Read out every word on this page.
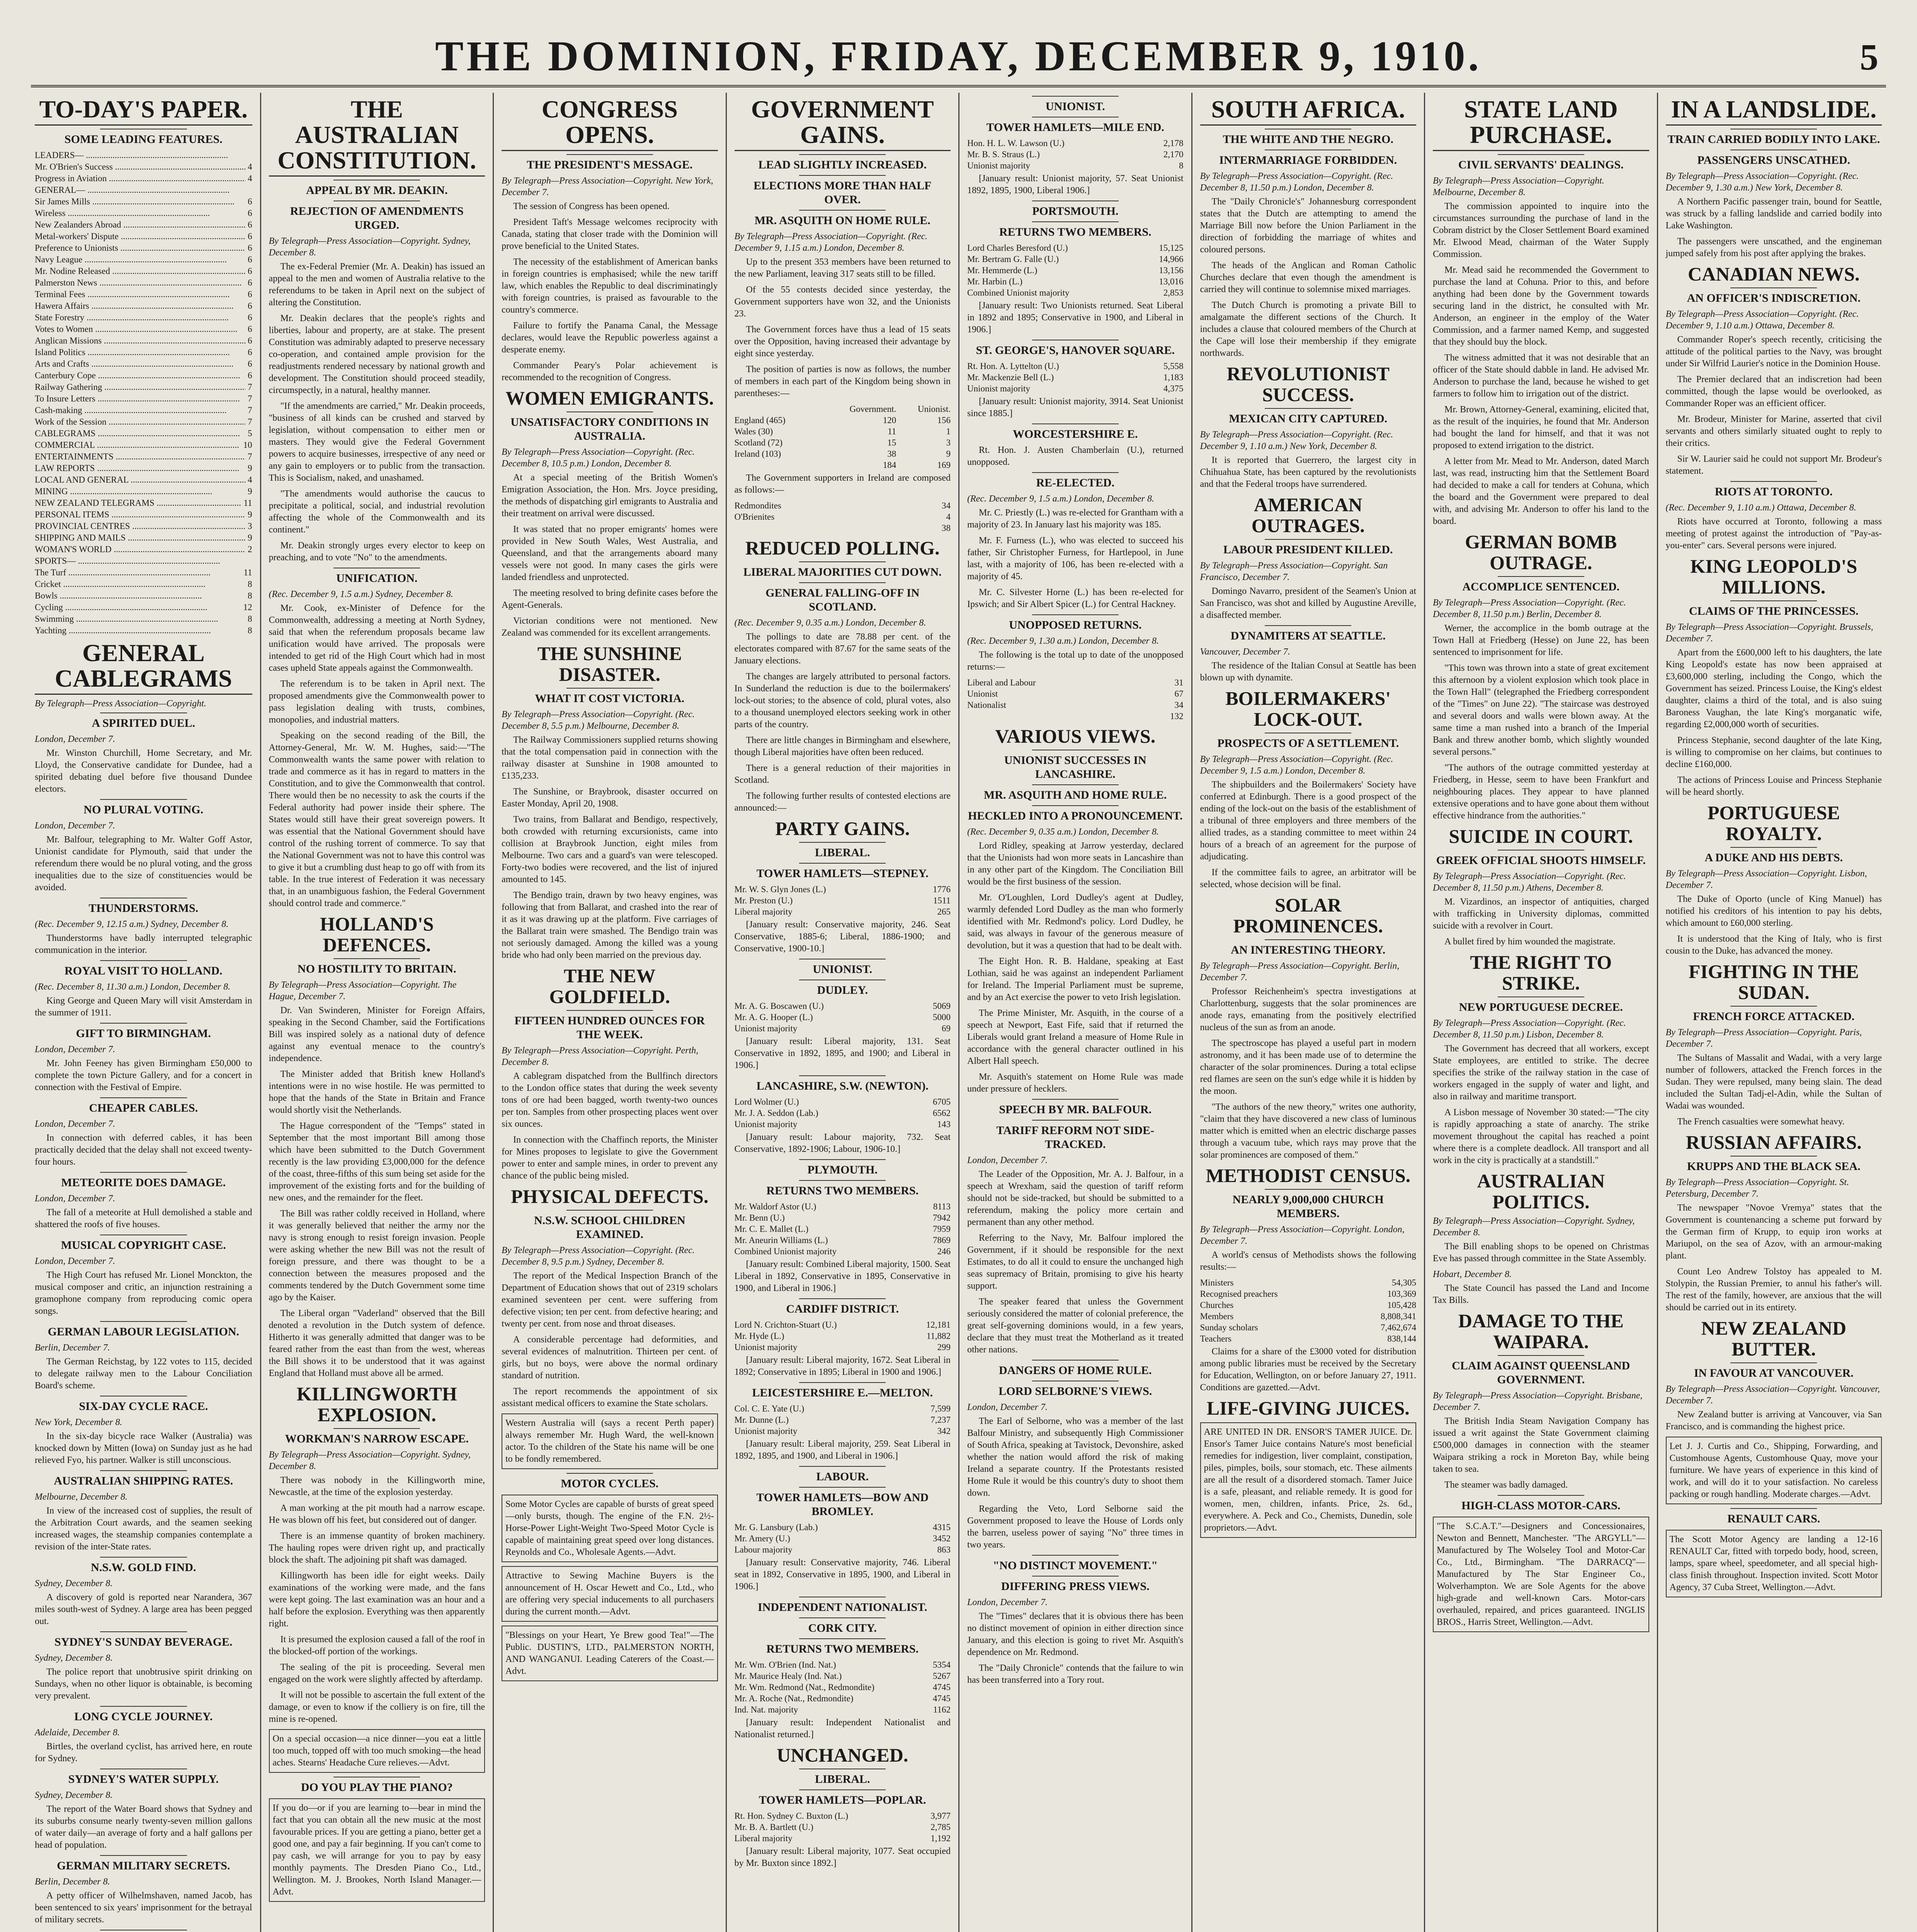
THE DOMINION, FRIDAY, DECEMBER 9, 1910.	5
TO-DAY'S PAPER.
SOME LEADING FEATURES.
LEADERS— .....
Mr. O'Brien's Success .....	4
Progress in Aviation .....	4
GENERAL— .....
Sir James Mills .....	6
Wireless .....	6
New Zealanders Abroad .....	6
Metal-workers' Dispute .....	6
Preference to Unionists .....	6
Navy League .....	6
Mr. Nodine Released .....	6
Palmerston News .....	6
Terminal Fees .....	6
Hawera Affairs .....	6
State Forestry .....	6
Votes to Women .....	6
Anglican Missions .....	6
Island Politics .....	6
Arts and Crafts .....	6
Canterbury Cope .....	6
Railway Gathering .....	7
To Insure Letters .....	7
Cash-making .....	7
Work of the Session .....	7
CABLEGRAMS .....	5
COMMERCIAL .....	10
ENTERTAINMENTS .....	7
LAW REPORTS .....	9
LOCAL AND GENERAL .....	4
MINING .....	9
NEW ZEALAND TELEGRAMS .....	11
PERSONAL ITEMS .....	9
PROVINCIAL CENTRES .....	3
SHIPPING AND MAILS .....	9
WOMAN'S WORLD .....	2
SPORTS— .....
The Turf .....	11
Cricket .....	8
Bowls .....	8
Cycling .....	12
Swimming .....	8
Yachting .....	8
GENERAL CABLEGRAMS
By Telegraph—Press Association—Copyright.
A SPIRITED DUEL.
London, December 7.
Mr. Winston Churchill, Home Secretary, and Mr. Lloyd, the Conservative candidate for Dundee, had a spirited debating duel before five thousand Dundee electors.
NO PLURAL VOTING.
London, December 7.
Mr. Balfour, telegraphing to Mr. Walter Goff Astor, Unionist candidate for Plymouth, said that under the referendum there would be no plural voting, and the gross inequalities due to the size of constituencies would be avoided.
THUNDERSTORMS.
(Rec. December 9, 12.15 a.m.) Sydney, December 8.
Thunderstorms have badly interrupted telegraphic communication in the interior.
ROYAL VISIT TO HOLLAND.
(Rec. December 8, 11.30 a.m.) London, December 8.
King George and Queen Mary will visit Amsterdam in the summer of 1911.
GIFT TO BIRMINGHAM.
London, December 7.
Mr. John Feeney has given Birmingham £50,000 to complete the town Picture Gallery, and for a concert in connection with the Festival of Empire.
CHEAPER CABLES.
London, December 7.
In connection with deferred cables, it has been practically decided that the delay shall not exceed twenty-four hours.
METEORITE DOES DAMAGE.
London, December 7.
The fall of a meteorite at Hull demolished a stable and shattered the roofs of five houses.
MUSICAL COPYRIGHT CASE.
London, December 7.
The High Court has refused Mr. Lionel Monckton, the musical composer and critic, an injunction restraining a gramophone company from reproducing comic opera songs.
GERMAN LABOUR LEGISLATION.
Berlin, December 7.
The German Reichstag, by 122 votes to 115, decided to delegate railway men to the Labour Conciliation Board's scheme.
SIX-DAY CYCLE RACE.
New York, December 8.
In the six-day bicycle race Walker (Australia) was knocked down by Mitten (Iowa) on Sunday just as he had relieved Fyo, his partner. Walker is still unconscious.
AUSTRALIAN SHIPPING RATES.
Melbourne, December 8.
In view of the increased cost of supplies, the result of the Arbitration Court awards, and the seamen seeking increased wages, the steamship companies contemplate a revision of the inter-State rates.
N.S.W. GOLD FIND.
Sydney, December 8.
A discovery of gold is reported near Narandera, 367 miles south-west of Sydney. A large area has been pegged out.
SYDNEY'S SUNDAY BEVERAGE.
Sydney, December 8.
The police report that unobtrusive spirit drinking on Sundays, when no other liquor is obtainable, is becoming very prevalent.
LONG CYCLE JOURNEY.
Adelaide, December 8.
Birtles, the overland cyclist, has arrived here, en route for Sydney.
SYDNEY'S WATER SUPPLY.
Sydney, December 8.
The report of the Water Board shows that Sydney and its suburbs consume nearly twenty-seven million gallons of water daily—an average of forty and a half gallons per head of population.
GERMAN MILITARY SECRETS.
Berlin, December 8.
A petty officer of Wilhelmshaven, named Jacob, has been sentenced to six years' imprisonment for the betrayal of military secrets.
THE AUSTRALIAN CONSTITUTION.
APPEAL BY MR. DEAKIN.
REJECTION OF AMENDMENTS URGED.
By Telegraph—Press Association—Copyright. Sydney, December 8.
The ex-Federal Premier (Mr. A. Deakin) has issued an appeal to the men and women of Australia relative to the referendums to be taken in April next on the subject of altering the Constitution.
Mr. Deakin declares that the people's rights and liberties, labour and property, are at stake. The present Constitution was admirably adapted to preserve necessary co-operation, and contained ample provision for the readjustments rendered necessary by national growth and development. The Constitution should proceed steadily, circumspectly, in a natural, healthy manner.
"If the amendments are carried," Mr. Deakin proceeds, "business of all kinds can be crushed and starved by legislation, without compensation to either men or masters. They would give the Federal Government powers to acquire businesses, irrespective of any need or any gain to employers or to public from the transaction. This is Socialism, naked, and unashamed.
"The amendments would authorise the caucus to precipitate a political, social, and industrial revolution affecting the whole of the Commonwealth and its continent."
Mr. Deakin strongly urges every elector to keep on preaching, and to vote "No" to the amendments.
UNIFICATION.
(Rec. December 9, 1.5 a.m.) Sydney, December 8.
Mr. Cook, ex-Minister of Defence for the Commonwealth, addressing a meeting at North Sydney, said that when the referendum proposals became law unification would have arrived. The proposals were intended to get rid of the High Court which had in most cases upheld State appeals against the Commonwealth.
The referendum is to be taken in April next. The proposed amendments give the Commonwealth power to pass legislation dealing with trusts, combines, monopolies, and industrial matters.
Speaking on the second reading of the Bill, the Attorney-General, Mr. W. M. Hughes, said:—"The Commonwealth wants the same power with relation to trade and commerce as it has in regard to matters in the Constitution, and to give the Commonwealth that control. There would then be no necessity to ask the courts if the Federal authority had power inside their sphere. The States would still have their great sovereign powers. It was essential that the National Government should have control of the rushing torrent of commerce. To say that the National Government was not to have this control was to give it but a crumbling dust heap to go off with from its table. In the true interest of Federation it was necessary that, in an unambiguous fashion, the Federal Government should control trade and commerce."
HOLLAND'S DEFENCES.
NO HOSTILITY TO BRITAIN.
By Telegraph—Press Association—Copyright. The Hague, December 7.
Dr. Van Swinderen, Minister for Foreign Affairs, speaking in the Second Chamber, said the Fortifications Bill was inspired solely as a national duty of defence against any eventual menace to the country's independence.
The Minister added that British knew Holland's intentions were in no wise hostile. He was permitted to hope that the hands of the State in Britain and France would shortly visit the Netherlands.
The Hague correspondent of the "Temps" stated in September that the most important Bill among those which have been submitted to the Dutch Government recently is the law providing £3,000,000 for the defence of the coast, three-fifths of this sum being set aside for the improvement of the existing forts and for the building of new ones, and the remainder for the fleet.
The Bill was rather coldly received in Holland, where it was generally believed that neither the army nor the navy is strong enough to resist foreign invasion. People were asking whether the new Bill was not the result of foreign pressure, and there was thought to be a connection between the measures proposed and the comments tendered by the Dutch Government some time ago by the Kaiser.
The Liberal organ "Vaderland" observed that the Bill denoted a revolution in the Dutch system of defence. Hitherto it was generally admitted that danger was to be feared rather from the east than from the west, whereas the Bill shows it to be understood that it was against England that Holland must above all be armed.
KILLINGWORTH EXPLOSION.
WORKMAN'S NARROW ESCAPE.
By Telegraph—Press Association—Copyright. Sydney, December 8.
There was nobody in the Killingworth mine, Newcastle, at the time of the explosion yesterday.
A man working at the pit mouth had a narrow escape. He was blown off his feet, but considered out of danger.
There is an immense quantity of broken machinery. The hauling ropes were driven right up, and practically block the shaft. The adjoining pit shaft was damaged.
Killingworth has been idle for eight weeks. Daily examinations of the working were made, and the fans were kept going. The last examination was an hour and a half before the explosion. Everything was then apparently right.
It is presumed the explosion caused a fall of the roof in the blocked-off portion of the workings.
The sealing of the pit is proceeding. Several men engaged on the work were slightly affected by afterdamp.
It will not be possible to ascertain the full extent of the damage, or even to know if the colliery is on fire, till the mine is re-opened.
On a special occasion—a nice dinner—you eat a little too much, topped off with too much smoking—the head aches. Stearns' Headache Cure relieves.—Advt.
DO YOU PLAY THE PIANO?
If you do—or if you are learning to—bear in mind the fact that you can obtain all the new music at the most favourable prices. If you are getting a piano, better get a good one, and pay a fair beginning. If you can't come to pay cash, we will arrange for you to pay by easy monthly payments. The Dresden Piano Co., Ltd., Wellington. M. J. Brookes, North Island Manager.—Advt.
CONGRESS OPENS.
THE PRESIDENT'S MESSAGE.
By Telegraph—Press Association—Copyright. New York, December 7.
The session of Congress has been opened.
President Taft's Message welcomes reciprocity with Canada, stating that closer trade with the Dominion will prove beneficial to the United States.
The necessity of the establishment of American banks in foreign countries is emphasised; while the new tariff law, which enables the Republic to deal discriminatingly with foreign countries, is praised as favourable to the country's commerce.
Failure to fortify the Panama Canal, the Message declares, would leave the Republic powerless against a desperate enemy.
Commander Peary's Polar achievement is recommended to the recognition of Congress.
WOMEN EMIGRANTS.
UNSATISFACTORY CONDITIONS IN AUSTRALIA.
By Telegraph—Press Association—Copyright. (Rec. December 8, 10.5 p.m.) London, December 8.
At a special meeting of the British Women's Emigration Association, the Hon. Mrs. Joyce presiding, the methods of dispatching girl emigrants to Australia and their treatment on arrival were discussed.
It was stated that no proper emigrants' homes were provided in New South Wales, West Australia, and Queensland, and that the arrangements aboard many vessels were not good. In many cases the girls were landed friendless and unprotected.
The meeting resolved to bring definite cases before the Agent-Generals.
Victorian conditions were not mentioned. New Zealand was commended for its excellent arrangements.
THE SUNSHINE DISASTER.
WHAT IT COST VICTORIA.
By Telegraph—Press Association—Copyright. (Rec. December 8, 5.5 p.m.) Melbourne, December 8.
The Railway Commissioners supplied returns showing that the total compensation paid in connection with the railway disaster at Sunshine in 1908 amounted to £135,233.
The Sunshine, or Braybrook, disaster occurred on Easter Monday, April 20, 1908.
Two trains, from Ballarat and Bendigo, respectively, both crowded with returning excursionists, came into collision at Braybrook Junction, eight miles from Melbourne. Two cars and a guard's van were telescoped. Forty-two bodies were recovered, and the list of injured amounted to 145.
The Bendigo train, drawn by two heavy engines, was following that from Ballarat, and crashed into the rear of it as it was drawing up at the platform. Five carriages of the Ballarat train were smashed. The Bendigo train was not seriously damaged. Among the killed was a young bride who had only been married on the previous day.
THE NEW GOLDFIELD.
FIFTEEN HUNDRED OUNCES FOR THE WEEK.
By Telegraph—Press Association—Copyright. Perth, December 8.
A cablegram dispatched from the Bullfinch directors to the London office states that during the week seventy tons of ore had been bagged, worth twenty-two ounces per ton. Samples from other prospecting places went over six ounces.
In connection with the Chaffinch reports, the Minister for Mines proposes to legislate to give the Government power to enter and sample mines, in order to prevent any chance of the public being misled.
PHYSICAL DEFECTS.
N.S.W. SCHOOL CHILDREN EXAMINED.
By Telegraph—Press Association—Copyright. (Rec. December 8, 9.5 p.m.) Sydney, December 8.
The report of the Medical Inspection Branch of the Department of Education shows that out of 2319 scholars examined seventeen per cent. were suffering from defective vision; ten per cent. from defective hearing; and twenty per cent. from nose and throat diseases.
A considerable percentage had deformities, and several evidences of malnutrition. Thirteen per cent. of girls, but no boys, were above the normal ordinary standard of nutrition.
The report recommends the appointment of six assistant medical officers to examine the State scholars.
Western Australia will (says a recent Perth paper) always remember Mr. Hugh Ward, the well-known actor. To the children of the State his name will be one to be fondly remembered.
MOTOR CYCLES.
Some Motor Cycles are capable of bursts of great speed—only bursts, though. The engine of the F.N. 2½-Horse-Power Light-Weight Two-Speed Motor Cycle is capable of maintaining great speed over long distances. Reynolds and Co., Wholesale Agents.—Advt.
Attractive to Sewing Machine Buyers is the announcement of H. Oscar Hewett and Co., Ltd., who are offering very special inducements to all purchasers during the current month.—Advt.
"Blessings on your Heart, Ye Brew good Tea!"—The Public. DUSTIN'S, LTD., PALMERSTON NORTH, AND WANGANUI. Leading Caterers of the Coast.—Advt.
GOVERNMENT GAINS.
LEAD SLIGHTLY INCREASED.
ELECTIONS MORE THAN HALF OVER.
MR. ASQUITH ON HOME RULE.
By Telegraph—Press Association—Copyright. (Rec. December 9, 1.15 a.m.) London, December 8.
Up to the present 353 members have been returned to the new Parliament, leaving 317 seats still to be filled.
Of the 55 contests decided since yesterday, the Government supporters have won 32, and the Unionists 23.
The Government forces have thus a lead of 15 seats over the Opposition, having increased their advantage by eight since yesterday.
The position of parties is now as follows, the number of members in each part of the Kingdom being shown in parentheses:—
	Government.	Unionist.
England (465)	120	156
Wales (30)	11	1
Scotland (72)	15	3
Ireland (103)	38	9
	184	169
The Government supporters in Ireland are composed as follows:—
Redmondites	34
O'Brienites	4
	38
REDUCED POLLING.
LIBERAL MAJORITIES CUT DOWN.
GENERAL FALLING-OFF IN SCOTLAND.
(Rec. December 9, 0.35 a.m.) London, December 8.
The pollings to date are 78.88 per cent. of the electorates compared with 87.67 for the same seats of the January elections.
The changes are largely attributed to personal factors. In Sunderland the reduction is due to the boilermakers' lock-out stories; to the absence of cold, plural votes, also to a thousand unemployed electors seeking work in other parts of the country.
There are little changes in Birmingham and elsewhere, though Liberal majorities have often been reduced.
There is a general reduction of their majorities in Scotland.
The following further results of contested elections are announced:—
PARTY GAINS.
LIBERAL.
TOWER HAMLETS—STEPNEY.
Mr. W. S. Glyn Jones (L.)	1776
Mr. Preston (U.)	1511
Liberal majority	265
[January result: Conservative majority, 246. Seat Conservative, 1885-6; Liberal, 1886-1900; and Conservative, 1900-10.]
UNIONIST.
DUDLEY.
Mr. A. G. Boscawen (U.)	5069
Mr. A. G. Hooper (L.)	5000
Unionist majority	69
[January result: Liberal majority, 131. Seat Conservative in 1892, 1895, and 1900; and Liberal in 1906.]
LANCASHIRE, S.W. (NEWTON).
Lord Wolmer (U.)	6705
Mr. J. A. Seddon (Lab.)	6562
Unionist majority	143
[January result: Labour majority, 732. Seat Conservative, 1892-1906; Labour, 1906-10.]
PLYMOUTH.
RETURNS TWO MEMBERS.
Mr. Waldorf Astor (U.)	8113
Mr. Benn (U.)	7942
Mr. C. E. Mallet (L.)	7959
Mr. Aneurin Williams (L.)	7869
Combined Unionist majority	246
[January result: Combined Liberal majority, 1500. Seat Liberal in 1892, Conservative in 1895, Conservative in 1900, and Liberal in 1906.]
CARDIFF DISTRICT.
Lord N. Crichton-Stuart (U.)	12,181
Mr. Hyde (L.)	11,882
Unionist majority	299
[January result: Liberal majority, 1672. Seat Liberal in 1892; Conservative in 1895; Liberal in 1900 and 1906.]
LEICESTERSHIRE E.—MELTON.
Col. C. E. Yate (U.)	7,599
Mr. Dunne (L.)	7,237
Unionist majority	342
[January result: Liberal majority, 259. Seat Liberal in 1892, 1895, and 1900, and Liberal in 1906.]
LABOUR.
TOWER HAMLETS—BOW AND BROMLEY.
Mr. G. Lansbury (Lab.)	4315
Mr. Amery (U.)	3452
Labour majority	863
[January result: Conservative majority, 746. Liberal seat in 1892, Conservative in 1895, 1900, and Liberal in 1906.]
INDEPENDENT NATIONALIST.
CORK CITY.
RETURNS TWO MEMBERS.
Mr. Wm. O'Brien (Ind. Nat.)	5354
Mr. Maurice Healy (Ind. Nat.)	5267
Mr. Wm. Redmond (Nat., Redmondite)	4745
Mr. A. Roche (Nat., Redmondite)	4745
Ind. Nat. majority	1162
[January result: Independent Nationalist and Nationalist returned.]
UNCHANGED.
LIBERAL.
TOWER HAMLETS—POPLAR.
Rt. Hon. Sydney C. Buxton (L.)	3,977
Mr. B. A. Bartlett (U.)	2,785
Liberal majority	1,192
[January result: Liberal majority, 1077. Seat occupied by Mr. Buxton since 1892.]
UNIONIST.
TOWER HAMLETS—MILE END.
Hon. H. L. W. Lawson (U.)	2,178
Mr. B. S. Straus (L.)	2,170
Unionist majority	8
[January result: Unionist majority, 57. Seat Unionist 1892, 1895, 1900, Liberal 1906.]
PORTSMOUTH.
RETURNS TWO MEMBERS.
Lord Charles Beresford (U.)	15,125
Mr. Bertram G. Falle (U.)	14,966
Mr. Hemmerde (L.)	13,156
Mr. Harbin (L.)	13,016
Combined Unionist majority	2,853
[January result: Two Unionists returned. Seat Liberal in 1892 and 1895; Conservative in 1900, and Liberal in 1906.]
ST. GEORGE'S, HANOVER SQUARE.
Rt. Hon. A. Lyttelton (U.)	5,558
Mr. Mackenzie Bell (L.)	1,183
Unionist majority	4,375
[January result: Unionist majority, 3914. Seat Unionist since 1885.]
WORCESTERSHIRE E.
Rt. Hon. J. Austen Chamberlain (U.), returned unopposed.
RE-ELECTED.
(Rec. December 9, 1.5 a.m.) London, December 8.
Mr. C. Priestly (L.) was re-elected for Grantham with a majority of 23. In January last his majority was 185.
Mr. F. Furness (L.), who was elected to succeed his father, Sir Christopher Furness, for Hartlepool, in June last, with a majority of 106, has been re-elected with a majority of 45.
Mr. C. Silvester Horne (L.) has been re-elected for Ipswich; and Sir Albert Spicer (L.) for Central Hackney.
UNOPPOSED RETURNS.
(Rec. December 9, 1.30 a.m.) London, December 8.
The following is the total up to date of the unopposed returns:—
Liberal and Labour	31
Unionist	67
Nationalist	34
	132
VARIOUS VIEWS.
UNIONIST SUCCESSES IN LANCASHIRE.
MR. ASQUITH AND HOME RULE.
HECKLED INTO A PRONOUNCEMENT.
(Rec. December 9, 0.35 a.m.) London, December 8.
Lord Ridley, speaking at Jarrow yesterday, declared that the Unionists had won more seats in Lancashire than in any other part of the Kingdom. The Conciliation Bill would be the first business of the session.
Mr. O'Loughlen, Lord Dudley's agent at Dudley, warmly defended Lord Dudley as the man who formerly identified with Mr. Redmond's policy. Lord Dudley, he said, was always in favour of the generous measure of devolution, but it was a question that had to be dealt with.
The Eight Hon. R. B. Haldane, speaking at East Lothian, said he was against an independent Parliament for Ireland. The Imperial Parliament must be supreme, and by an Act exercise the power to veto Irish legislation.
The Prime Minister, Mr. Asquith, in the course of a speech at Newport, East Fife, said that if returned the Liberals would grant Ireland a measure of Home Rule in accordance with the general character outlined in his Albert Hall speech.
Mr. Asquith's statement on Home Rule was made under pressure of hecklers.
SPEECH BY MR. BALFOUR.
TARIFF REFORM NOT SIDE-TRACKED.
London, December 7.
The Leader of the Opposition, Mr. A. J. Balfour, in a speech at Wrexham, said the question of tariff reform should not be side-tracked, but should be submitted to a referendum, making the policy more certain and permanent than any other method.
Referring to the Navy, Mr. Balfour implored the Government, if it should be responsible for the next Estimates, to do all it could to ensure the unchanged high seas supremacy of Britain, promising to give his hearty support.
The speaker feared that unless the Government seriously considered the matter of colonial preference, the great self-governing dominions would, in a few years, declare that they must treat the Motherland as it treated other nations.
DANGERS OF HOME RULE.
LORD SELBORNE'S VIEWS.
London, December 7.
The Earl of Selborne, who was a member of the last Balfour Ministry, and subsequently High Commissioner of South Africa, speaking at Tavistock, Devonshire, asked whether the nation would afford the risk of making Ireland a separate country. If the Protestants resisted Home Rule it would be this country's duty to shoot them down.
Regarding the Veto, Lord Selborne said the Government proposed to leave the House of Lords only the barren, useless power of saying "No" three times in two years.
"NO DISTINCT MOVEMENT."
DIFFERING PRESS VIEWS.
London, December 7.
The "Times" declares that it is obvious there has been no distinct movement of opinion in either direction since January, and this election is going to rivet Mr. Asquith's dependence on Mr. Redmond.
The "Daily Chronicle" contends that the failure to win has been transferred into a Tory rout.
SOUTH AFRICA.
THE WHITE AND THE NEGRO.
INTERMARRIAGE FORBIDDEN.
By Telegraph—Press Association—Copyright. (Rec. December 8, 11.50 p.m.) London, December 8.
The "Daily Chronicle's" Johannesburg correspondent states that the Dutch are attempting to amend the Marriage Bill now before the Union Parliament in the direction of forbidding the marriage of whites and coloured persons.
The heads of the Anglican and Roman Catholic Churches declare that even though the amendment is carried they will continue to solemnise mixed marriages.
The Dutch Church is promoting a private Bill to amalgamate the different sections of the Church. It includes a clause that coloured members of the Church at the Cape will lose their membership if they emigrate northwards.
REVOLUTIONIST SUCCESS.
MEXICAN CITY CAPTURED.
By Telegraph—Press Association—Copyright. (Rec. December 9, 1.10 a.m.) New York, December 8.
It is reported that Guerrero, the largest city in Chihuahua State, has been captured by the revolutionists and that the Federal troops have surrendered.
AMERICAN OUTRAGES.
LABOUR PRESIDENT KILLED.
By Telegraph—Press Association—Copyright. San Francisco, December 7.
Domingo Navarro, president of the Seamen's Union at San Francisco, was shot and killed by Augustine Areville, a disaffected member.
DYNAMITERS AT SEATTLE.
Vancouver, December 7.
The residence of the Italian Consul at Seattle has been blown up with dynamite.
BOILERMAKERS' LOCK-OUT.
PROSPECTS OF A SETTLEMENT.
By Telegraph—Press Association—Copyright. (Rec. December 9, 1.5 a.m.) London, December 8.
The shipbuilders and the Boilermakers' Society have conferred at Edinburgh. There is a good prospect of the ending of the lock-out on the basis of the establishment of a tribunal of three employers and three members of the allied trades, as a standing committee to meet within 24 hours of a breach of an agreement for the purpose of adjudicating.
If the committee fails to agree, an arbitrator will be selected, whose decision will be final.
SOLAR PROMINENCES.
AN INTERESTING THEORY.
By Telegraph—Press Association—Copyright. Berlin, December 7.
Professor Reichenheim's spectra investigations at Charlottenburg, suggests that the solar prominences are anode rays, emanating from the positively electrified nucleus of the sun as from an anode.
The spectroscope has played a useful part in modern astronomy, and it has been made use of to determine the character of the solar prominences. During a total eclipse red flames are seen on the sun's edge while it is hidden by the moon.
"The authors of the new theory," writes one authority, "claim that they have discovered a new class of luminous matter which is emitted when an electric discharge passes through a vacuum tube, which rays may prove that the solar prominences are composed of them."
METHODIST CENSUS.
NEARLY 9,000,000 CHURCH MEMBERS.
By Telegraph—Press Association—Copyright. London, December 7.
A world's census of Methodists shows the following results:—
Ministers	54,305
Recognised preachers	103,369
Churches	105,428
Members	8,808,341
Sunday scholars	7,462,674
Teachers	838,144
Claims for a share of the £3000 voted for distribution among public libraries must be received by the Secretary for Education, Wellington, on or before January 27, 1911. Conditions are gazetted.—Advt.
LIFE-GIVING JUICES.
ARE UNITED IN DR. ENSOR'S TAMER JUICE. Dr. Ensor's Tamer Juice contains Nature's most beneficial remedies for indigestion, liver complaint, constipation, piles, pimples, boils, sour stomach, etc. These ailments are all the result of a disordered stomach. Tamer Juice is a safe, pleasant, and reliable remedy. It is good for women, men, children, infants. Price, 2s. 6d., everywhere. A. Peck and Co., Chemists, Dunedin, sole proprietors.—Advt.
STATE LAND PURCHASE.
CIVIL SERVANTS' DEALINGS.
By Telegraph—Press Association—Copyright. Melbourne, December 8.
The commission appointed to inquire into the circumstances surrounding the purchase of land in the Cobram district by the Closer Settlement Board examined Mr. Elwood Mead, chairman of the Water Supply Commission.
Mr. Mead said he recommended the Government to purchase the land at Cohuna. Prior to this, and before anything had been done by the Government towards securing land in the district, he consulted with Mr. Anderson, an engineer in the employ of the Water Commission, and a farmer named Kemp, and suggested that they should buy the block.
The witness admitted that it was not desirable that an officer of the State should dabble in land. He advised Mr. Anderson to purchase the land, because he wished to get farmers to follow him to irrigation out of the district.
Mr. Brown, Attorney-General, examining, elicited that, as the result of the inquiries, he found that Mr. Anderson had bought the land for himself, and that it was not proposed to extend irrigation to the district.
A letter from Mr. Mead to Mr. Anderson, dated March last, was read, instructing him that the Settlement Board had decided to make a call for tenders at Cohuna, which the board and the Government were prepared to deal with, and advising Mr. Anderson to offer his land to the board.
GERMAN BOMB OUTRAGE.
ACCOMPLICE SENTENCED.
By Telegraph—Press Association—Copyright. (Rec. December 8, 11.50 p.m.) Berlin, December 8.
Werner, the accomplice in the bomb outrage at the Town Hall at Friedberg (Hesse) on June 22, has been sentenced to imprisonment for life.
"This town was thrown into a state of great excitement this afternoon by a violent explosion which took place in the Town Hall" (telegraphed the Friedberg correspondent of the "Times" on June 22). "The staircase was destroyed and several doors and walls were blown away. At the same time a man rushed into a branch of the Imperial Bank and threw another bomb, which slightly wounded several persons."
"The authors of the outrage committed yesterday at Friedberg, in Hesse, seem to have been Frankfurt and neighbouring places. They appear to have planned extensive operations and to have gone about them without effective hindrance from the authorities."
SUICIDE IN COURT.
GREEK OFFICIAL SHOOTS HIMSELF.
By Telegraph—Press Association—Copyright. (Rec. December 8, 11.50 p.m.) Athens, December 8.
M. Vizardinos, an inspector of antiquities, charged with trafficking in University diplomas, committed suicide with a revolver in Court.
A bullet fired by him wounded the magistrate.
THE RIGHT TO STRIKE.
NEW PORTUGUESE DECREE.
By Telegraph—Press Association—Copyright. (Rec. December 8, 11.50 p.m.) Lisbon, December 8.
The Government has decreed that all workers, except State employees, are entitled to strike. The decree specifies the strike of the railway station in the case of workers engaged in the supply of water and light, and also in railway and maritime transport.
A Lisbon message of November 30 stated:—"The city is rapidly approaching a state of anarchy. The strike movement throughout the capital has reached a point where there is a complete deadlock. All transport and all work in the city is practically at a standstill."
AUSTRALIAN POLITICS.
By Telegraph—Press Association—Copyright. Sydney, December 8.
The Bill enabling shops to be opened on Christmas Eve has passed through committee in the State Assembly.
Hobart, December 8.
The State Council has passed the Land and Income Tax Bills.
DAMAGE TO THE WAIPARA.
CLAIM AGAINST QUEENSLAND GOVERNMENT.
By Telegraph—Press Association—Copyright. Brisbane, December 7.
The British India Steam Navigation Company has issued a writ against the State Government claiming £500,000 damages in connection with the steamer Waipara striking a rock in Moreton Bay, while being taken to sea.
The steamer was badly damaged.
HIGH-CLASS MOTOR-CARS.
"The S.C.A.T."—Designers and Concessionaires, Newton and Bennett, Manchester. "The ARGYLL"—Manufactured by The Wolseley Tool and Motor-Car Co., Ltd., Birmingham. "The DARRACQ"—Manufactured by The Star Engineer Co., Wolverhampton. We are Sole Agents for the above high-grade and well-known Cars. Motor-cars overhauled, repaired, and prices guaranteed. INGLIS BROS., Harris Street, Wellington.—Advt.
IN A LANDSLIDE.
TRAIN CARRIED BODILY INTO LAKE.
PASSENGERS UNSCATHED.
By Telegraph—Press Association—Copyright. (Rec. December 9, 1.30 a.m.) New York, December 8.
A Northern Pacific passenger train, bound for Seattle, was struck by a falling landslide and carried bodily into Lake Washington.
The passengers were unscathed, and the engineman jumped safely from his post after applying the brakes.
CANADIAN NEWS.
AN OFFICER'S INDISCRETION.
By Telegraph—Press Association—Copyright. (Rec. December 9, 1.10 a.m.) Ottawa, December 8.
Commander Roper's speech recently, criticising the attitude of the political parties to the Navy, was brought under Sir Wilfrid Laurier's notice in the Dominion House.
The Premier declared that an indiscretion had been committed, though the lapse would be overlooked, as Commander Roper was an efficient officer.
Mr. Brodeur, Minister for Marine, asserted that civil servants and others similarly situated ought to reply to their critics.
Sir W. Laurier said he could not support Mr. Brodeur's statement.
RIOTS AT TORONTO.
(Rec. December 9, 1.10 a.m.) Ottawa, December 8.
Riots have occurred at Toronto, following a mass meeting of protest against the introduction of "Pay-as-you-enter" cars. Several persons were injured.
KING LEOPOLD'S MILLIONS.
CLAIMS OF THE PRINCESSES.
By Telegraph—Press Association—Copyright. Brussels, December 7.
Apart from the £600,000 left to his daughters, the late King Leopold's estate has now been appraised at £3,600,000 sterling, including the Congo, which the Government has seized. Princess Louise, the King's eldest daughter, claims a third of the total, and is also suing Baroness Vaughan, the late King's morganatic wife, regarding £2,000,000 worth of securities.
Princess Stephanie, second daughter of the late King, is willing to compromise on her claims, but continues to decline £160,000.
The actions of Princess Louise and Princess Stephanie will be heard shortly.
PORTUGUESE ROYALTY.
A DUKE AND HIS DEBTS.
By Telegraph—Press Association—Copyright. Lisbon, December 7.
The Duke of Oporto (uncle of King Manuel) has notified his creditors of his intention to pay his debts, which amount to £60,000 sterling.
It is understood that the King of Italy, who is first cousin to the Duke, has advanced the money.
FIGHTING IN THE SUDAN.
FRENCH FORCE ATTACKED.
By Telegraph—Press Association—Copyright. Paris, December 7.
The Sultans of Massalit and Wadai, with a very large number of followers, attacked the French forces in the Sudan. They were repulsed, many being slain. The dead included the Sultan Tadj-el-Adin, while the Sultan of Wadai was wounded.
The French casualties were somewhat heavy.
RUSSIAN AFFAIRS.
KRUPPS AND THE BLACK SEA.
By Telegraph—Press Association—Copyright. St. Petersburg, December 7.
The newspaper "Novoe Vremya" states that the Government is countenancing a scheme put forward by the German firm of Krupp, to equip iron works at Mariupol, on the sea of Azov, with an armour-making plant.
Count Leo Andrew Tolstoy has appealed to M. Stolypin, the Russian Premier, to annul his father's will. The rest of the family, however, are anxious that the will should be carried out in its entirety.
NEW ZEALAND BUTTER.
IN FAVOUR AT VANCOUVER.
By Telegraph—Press Association—Copyright. Vancouver, December 7.
New Zealand butter is arriving at Vancouver, via San Francisco, and is commanding the highest price.
Let J. J. Curtis and Co., Shipping, Forwarding, and Customhouse Agents, Customhouse Quay, move your furniture. We have years of experience in this kind of work, and will do it to your satisfaction. No careless packing or rough handling. Moderate charges.—Advt.
RENAULT CARS.
The Scott Motor Agency are landing a 12-16 RENAULT Car, fitted with torpedo body, hood, screen, lamps, spare wheel, speedometer, and all special high-class finish throughout. Inspection invited. Scott Motor Agency, 37 Cuba Street, Wellington.—Advt.
